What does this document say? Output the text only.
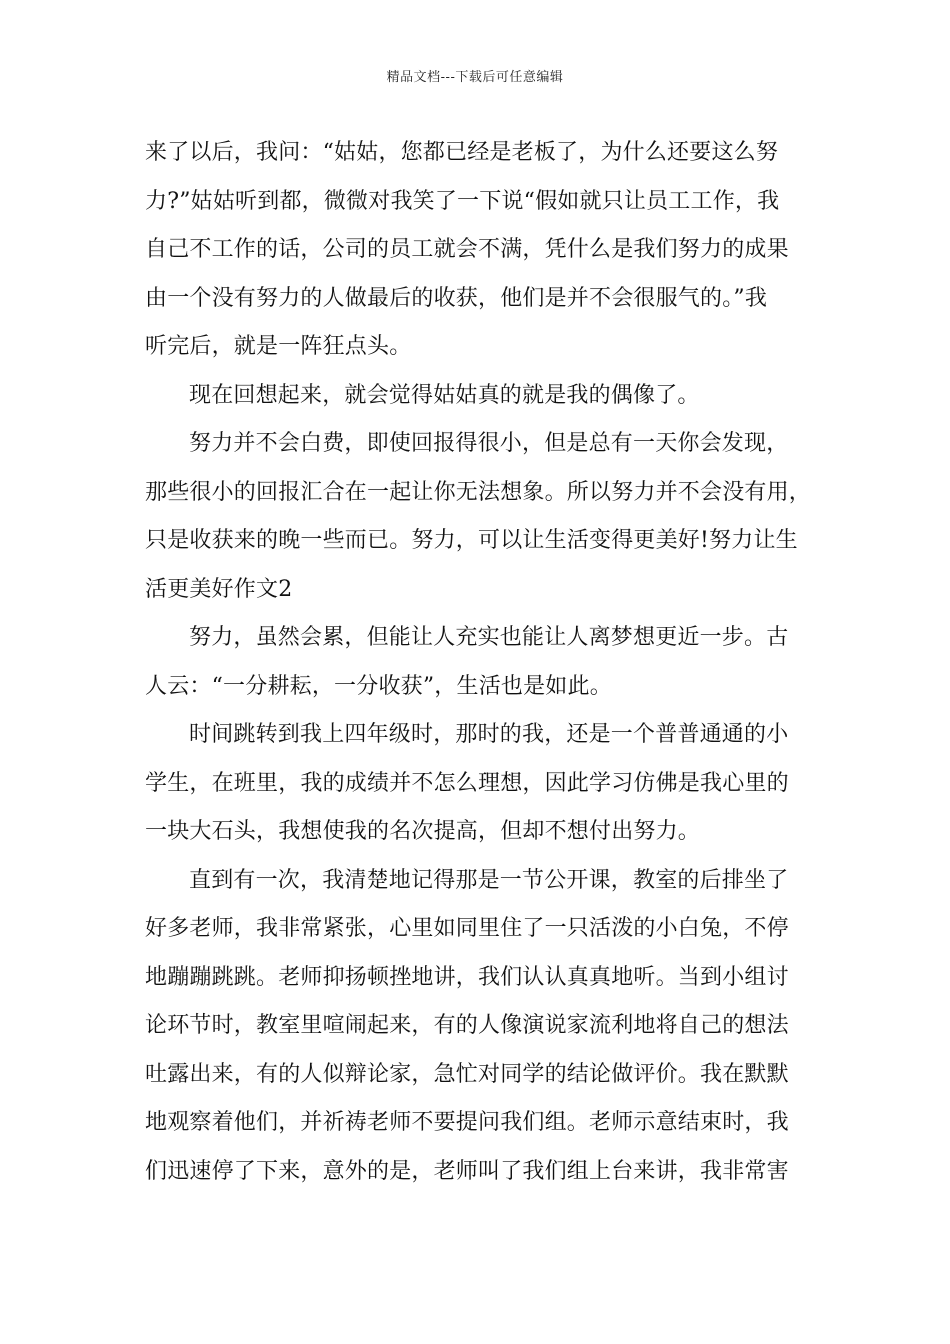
精品文档---下载后可任意编辑
来了以后，我问：“姑姑，您都已经是老板了，为什么还要这么努
力?”姑姑听到都，微微对我笑了一下说“假如就只让员工工作，我
自己不工作的话，公司的员工就会不满，凭什么是我们努力的成果
由一个没有努力的人做最后的收获，他们是并不会很服气的。”我
听完后，就是一阵狂点头。
现在回想起来，就会觉得姑姑真的就是我的偶像了。
努力并不会白费，即使回报得很小，但是总有一天你会发现，
那些很小的回报汇合在一起让你无法想象。所以努力并不会没有用，
只是收获来的晚一些而已。努力，可以让生活变得更美好!努力让生
活更美好作文2
努力，虽然会累，但能让人充实也能让人离梦想更近一步。古
人云：“一分耕耘，一分收获”，生活也是如此。
时间跳转到我上四年级时，那时的我，还是一个普普通通的小
学生，在班里，我的成绩并不怎么理想，因此学习仿佛是我心里的
一块大石头，我想使我的名次提高，但却不想付出努力。
直到有一次，我清楚地记得那是一节公开课，教室的后排坐了
好多老师，我非常紧张，心里如同里住了一只活泼的小白兔，不停
地蹦蹦跳跳。老师抑扬顿挫地讲，我们认认真真地听。当到小组讨
论环节时，教室里喧闹起来，有的人像演说家流利地将自己的想法
吐露出来，有的人似辩论家，急忙对同学的结论做评价。我在默默
地观察着他们，并祈祷老师不要提问我们组。老师示意结束时，我
们迅速停了下来，意外的是，老师叫了我们组上台来讲，我非常害
